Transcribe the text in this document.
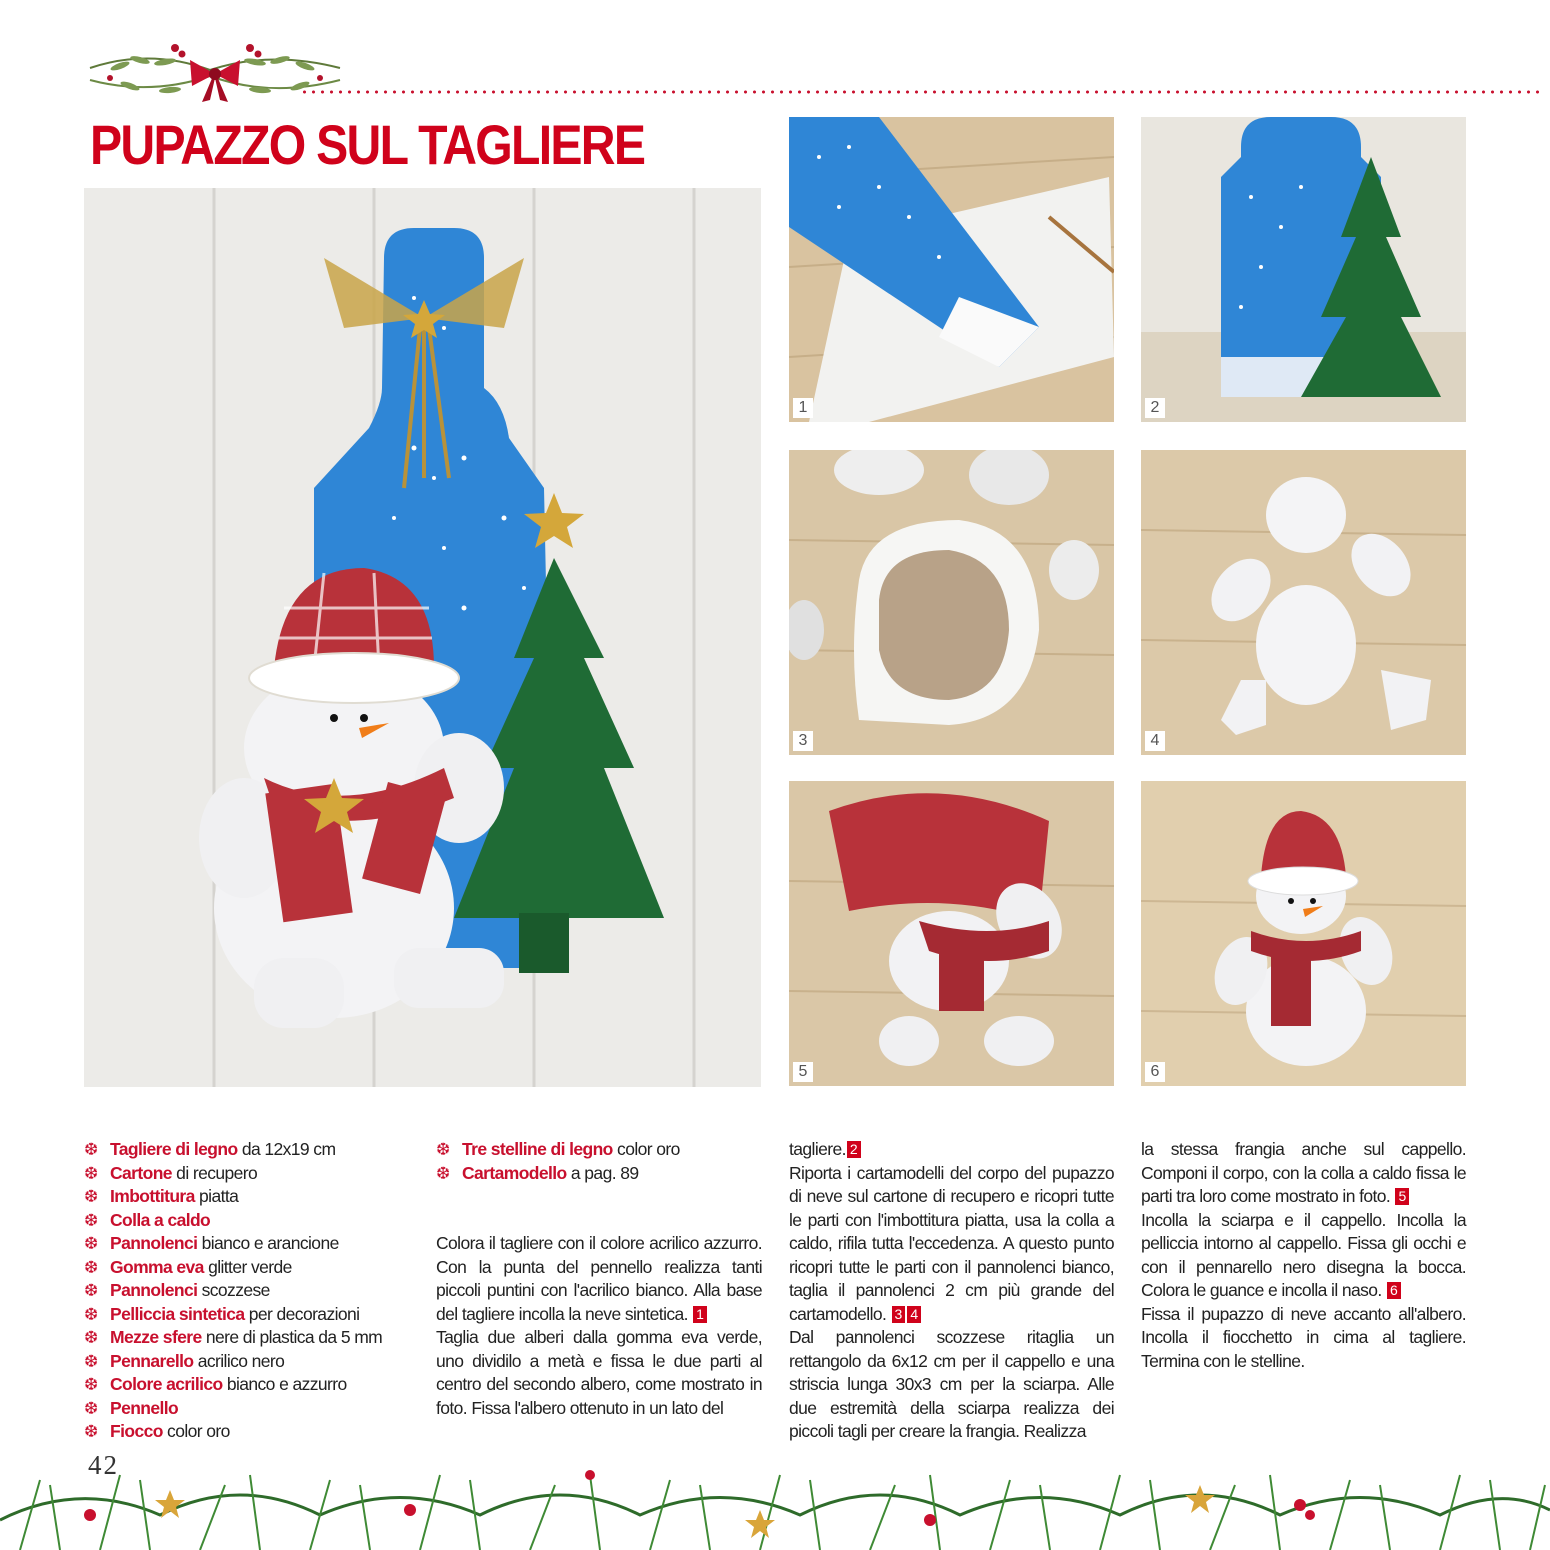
PUPAZZO SUL TAGLIERE
1	2
3	4
5	6
❆ Tagliere di legno da 12x19 cm
❆ Cartone di recupero
❆ Imbottitura piatta
❆ Colla a caldo
❆ Pannolenci bianco e arancione
❆ Gomma eva glitter verde
❆ Pannolenci scozzese
❆ Pelliccia sintetica per decorazioni
❆ Mezze sfere nere di plastica da 5 mm
❆ Pennarello acrilico nero
❆ Colore acrilico bianco e azzurro
❆ Pennello
❆ Fiocco color oro
❆ Tre stelline di legno color oro
❆ Cartamodello a pag. 89

Colora il tagliere con il colore acrilico azzurro. Con la punta del pennello realizza tanti piccoli puntini con l'acrilico bianco. Alla base del tagliere incolla la neve sintetica. 1

Taglia due alberi dalla gomma eva verde, uno dividilo a metà e fissa le due parti al centro del secondo albero, come mostrato in foto. Fissa l'albero ottenuto in un lato del

tagliere. 2

Riporta i cartamodelli del corpo del pupazzo di neve sul cartone di recupero e ricopri tutte le parti con l'imbottitura piatta, usa la colla a caldo, rifila tutta l'eccedenza. A questo punto ricopri tutte le parti con il pannolenci bianco, taglia il pannolenci 2 cm più grande del cartamodello. 3 4

Dal pannolenci scozzese ritaglia un rettangolo da 6x12 cm per il cappello e una striscia lunga 30x3 cm per la sciarpa. Alle due estremità della sciarpa realizza dei piccoli tagli per creare la frangia. Realizza

la stessa frangia anche sul cappello. Componi il corpo, con la colla a caldo fissa le parti tra loro come mostrato in foto. 5

Incolla la sciarpa e il cappello. Incolla la pelliccia intorno al cappello. Fissa gli occhi e con il pennarello nero disegna la bocca. Colora le guance e incolla il naso. 6

Fissa il pupazzo di neve accanto all'albero. Incolla il fiocchetto in cima al tagliere. Termina con le stelline.

42
